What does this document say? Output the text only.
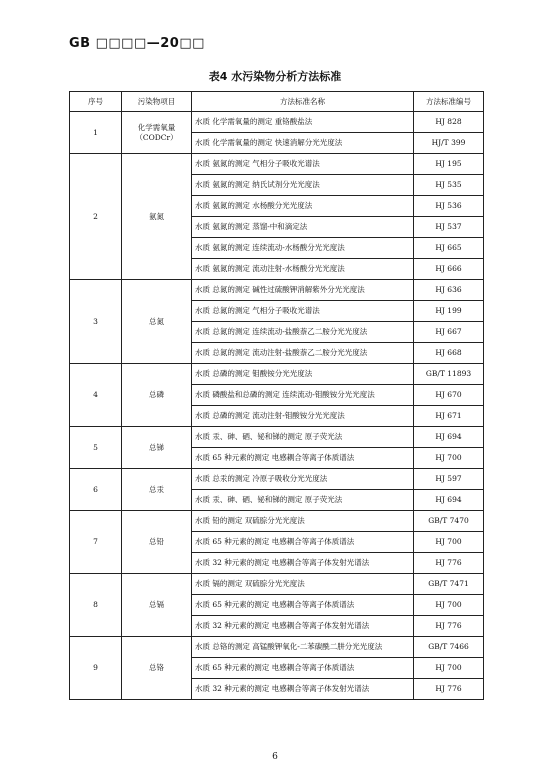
GB □□□□—20□□
表4 水污染物分析方法标准
序号	污染物项目	方法标准名称	方法标准编号
1	化学需氧量（CODCr）	水质 化学需氧量的测定 重铬酸盐法	HJ 828
		水质 化学需氧量的测定 快速消解分光光度法	HJ/T 399
2	氨氮	水质 氨氮的测定 气相分子吸收光谱法	HJ 195
		水质 氨氮的测定 纳氏试剂分光光度法	HJ 535
		水质 氨氮的测定 水杨酸分光光度法	HJ 536
		水质 氨氮的测定 蒸馏-中和滴定法	HJ 537
		水质 氨氮的测定 连续流动-水杨酸分光光度法	HJ 665
		水质 氨氮的测定 流动注射-水杨酸分光光度法	HJ 666
3	总氮	水质 总氮的测定 碱性过硫酸钾消解紫外分光光度法	HJ 636
		水质 总氮的测定 气相分子吸收光谱法	HJ 199
		水质 总氮的测定 连续流动-盐酸萘乙二胺分光光度法	HJ 667
		水质 总氮的测定 流动注射-盐酸萘乙二胺分光光度法	HJ 668
4	总磷	水质 总磷的测定 钼酸铵分光光度法	GB/T 11893
		水质 磷酸盐和总磷的测定 连续流动-钼酸铵分光光度法	HJ 670
		水质 总磷的测定 流动注射-钼酸铵分光光度法	HJ 671
5	总锑	水质 汞、砷、硒、铋和锑的测定 原子荧光法	HJ 694
		水质 65 种元素的测定 电感耦合等离子体质谱法	HJ 700
6	总汞	水质 总汞的测定 冷原子吸收分光光度法	HJ 597
		水质 汞、砷、硒、铋和锑的测定 原子荧光法	HJ 694
7	总铅	水质 铅的测定 双硫腙分光光度法	GB/T 7470
		水质 65 种元素的测定 电感耦合等离子体质谱法	HJ 700
		水质 32 种元素的测定 电感耦合等离子体发射光谱法	HJ 776
8	总镉	水质 镉的测定 双硫腙分光光度法	GB/T 7471
		水质 65 种元素的测定 电感耦合等离子体质谱法	HJ 700
		水质 32 种元素的测定 电感耦合等离子体发射光谱法	HJ 776
9	总铬	水质 总铬的测定 高锰酸钾氧化-二苯碳酰二肼分光光度法	GB/T 7466
		水质 65 种元素的测定 电感耦合等离子体质谱法	HJ 700
		水质 32 种元素的测定 电感耦合等离子体发射光谱法	HJ 776
6
